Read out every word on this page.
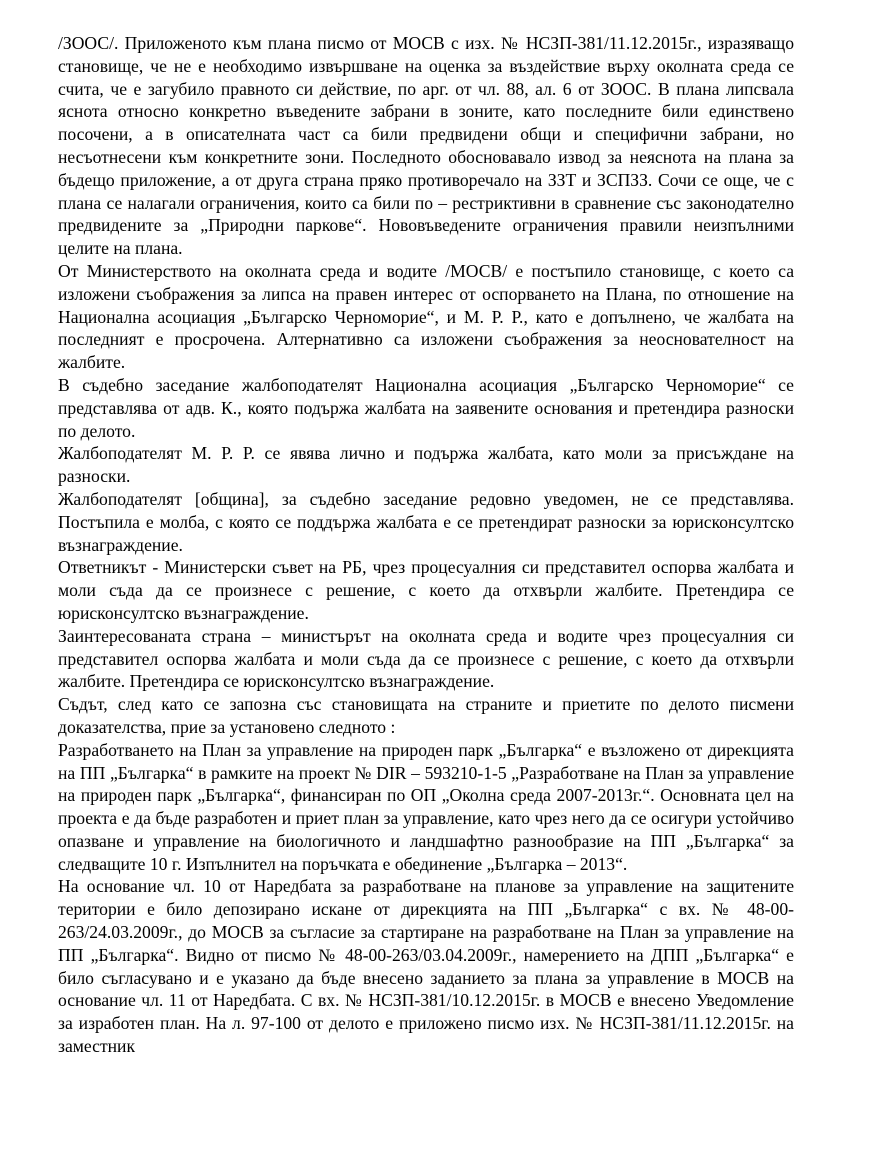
/ЗООС/. Приложеното към плана писмо от МОСВ с изх. № НСЗП-381/11.12.2015г., изразяващо становище, че не е необходимо извършване на оценка за въздействие върху околната среда се счита, че е загубило правното си действие, по арг. от чл. 88, ал. 6 от ЗООС. В плана липсвала яснота относно конкретно въведените забрани в зоните, като последните били единствено посочени, а в описателната част са били предвидени общи и специфични забрани, но несъотнесени към конкретните зони. Последното обосновавало извод за неяснота на плана за бъдещо приложение, а от друга страна пряко противоречало на ЗЗТ и ЗСПЗЗ. Сочи се още, че с плана се налагали ограничения, които са били по – рестриктивни в сравнение със законодателно предвидените за „Природни паркове“. Нововъведените ограничения правили неизпълними целите на плана.

От Министерството на околната среда и водите /МОСВ/ е постъпило становище, с което са изложени съображения за липса на правен интерес от оспорването на Плана, по отношение на Национална асоциация „Българско Черноморие“, и М. Р. Р., като е допълнено, че жалбата на последният е просрочена. Алтернативно са изложени съображения за неоснователност на жалбите.

В съдебно заседание жалбоподателят Национална асоциация „Българско Черноморие“ се представлява от адв. К., която подържа жалбата на заявените основания и претендира разноски по делото.

Жалбоподателят М. Р. Р. се явява лично и подържа жалбата, като моли за присъждане на разноски.

Жалбоподателят [община], за съдебно заседание редовно уведомен, не се представлява. Постъпила е молба, с която се поддържа жалбата е се претендират разноски за юрисконсултско възнаграждение.

Ответникът - Министерски съвет на РБ, чрез процесуалния си представител оспорва жалбата и моли съда да се произнесе с решение, с което да отхвърли жалбите. Претендира се юрисконсултско възнаграждение.

Заинтересованата страна – министърът на околната среда и водите чрез процесуалния си представител оспорва жалбата и моли съда да се произнесе с решение, с което да отхвърли жалбите. Претендира се юрисконсултско възнаграждение.

Съдът, след като се запозна със становищата на страните и приетите по делото писмени доказателства, прие за установено следното :

Разработването на План за управление на природен парк „Българка“ е възложено от дирекцията на ПП „Българка“ в рамките на проект № DIR – 593210-1-5 „Разработване на План за управление на природен парк „Българка“, финансиран по ОП „Околна среда 2007-2013г.“. Основната цел на проекта е да бъде разработен и приет план за управление, като чрез него да се осигури устойчиво опазване и управление на биологичното и ландшафтно разнообразие на ПП „Българка“ за следващите 10 г. Изпълнител на поръчката е обединение „Българка – 2013“.

На основание чл. 10 от Наредбата за разработване на планове за управление на защитените територии е било депозирано искане от дирекцията на ПП „Българка“ с вх. № 48-00-263/24.03.2009г., до МОСВ за съгласие за стартиране на разработване на План за управление на ПП „Българка“. Видно от писмо № 48-00-263/03.04.2009г., намерението на ДПП „Българка“ е било съгласувано и е указано да бъде внесено заданието за плана за управление в МОСВ на основание чл. 11 от Наредбата. С вх. № НСЗП-381/10.12.2015г. в МОСВ е внесено Уведомление за изработен план. На л. 97-100 от делото е приложено писмо изх. № НСЗП-381/11.12.2015г. на заместник
